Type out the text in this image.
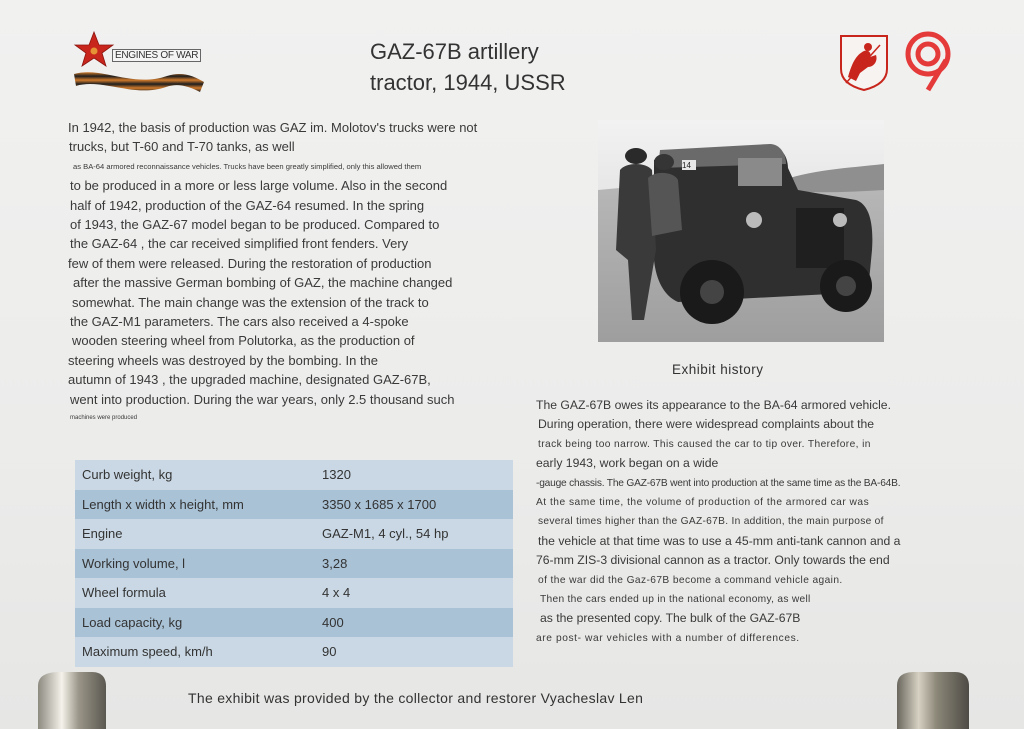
ENGINES OF WAR	GAZ-67B artillery
tractor, 1944, USSR
In 1942, the basis of production was GAZ im. Molotov's trucks were not
trucks, but T-60 and T-70 tanks, as well
as BA-64 armored reconnaissance vehicles. Trucks have been greatly simplified, only this allowed them
to be produced in a more or less large volume. Also in the second
half of 1942, production of the GAZ-64 resumed. In the spring
of 1943, the GAZ-67 model began to be produced. Compared to
the GAZ-64 , the car received simplified front fenders. Very
few of them were released. During the restoration of production
after the massive German bombing of GAZ, the machine changed
somewhat. The main change was the extension of the track to
the GAZ-M1 parameters. The cars also received a 4-spoke
wooden steering wheel from Polutorka, as the production of
steering wheels was destroyed by the bombing. In the
autumn of 1943 , the upgraded machine, designated GAZ-67B,
went into production. During the war years, only 2.5 thousand such
machines were produced
14
Exhibit history
The GAZ-67B owes its appearance to the BA-64 armored vehicle.
During operation, there were widespread complaints about the
track being too narrow. This caused the car to tip over. Therefore, in
early 1943, work began on a wide
-gauge chassis. The GAZ-67B went into production at the same time as the BA-64B.
At the same time, the volume of production of the armored car was
several times higher than the GAZ-67B. In addition, the main purpose of
the vehicle at that time was to use a 45-mm anti-tank cannon and a
76-mm ZIS-3 divisional cannon as a tractor. Only towards the end
of the war did the Gaz-67B become a command vehicle again.
Then the cars ended up in the national economy, as well
as the presented copy. The bulk of the GAZ-67B
are post- war vehicles with a number of differences.
Curb weight, kg	1320
Length x width x height, mm	3350 x 1685 x 1700
Engine	GAZ-M1, 4 cyl., 54 hp
Working volume, l	3,28
Wheel formula	4 x 4
Load capacity, kg	400
Maximum speed, km/h	90
The exhibit was provided by the collector and restorer Vyacheslav Len
